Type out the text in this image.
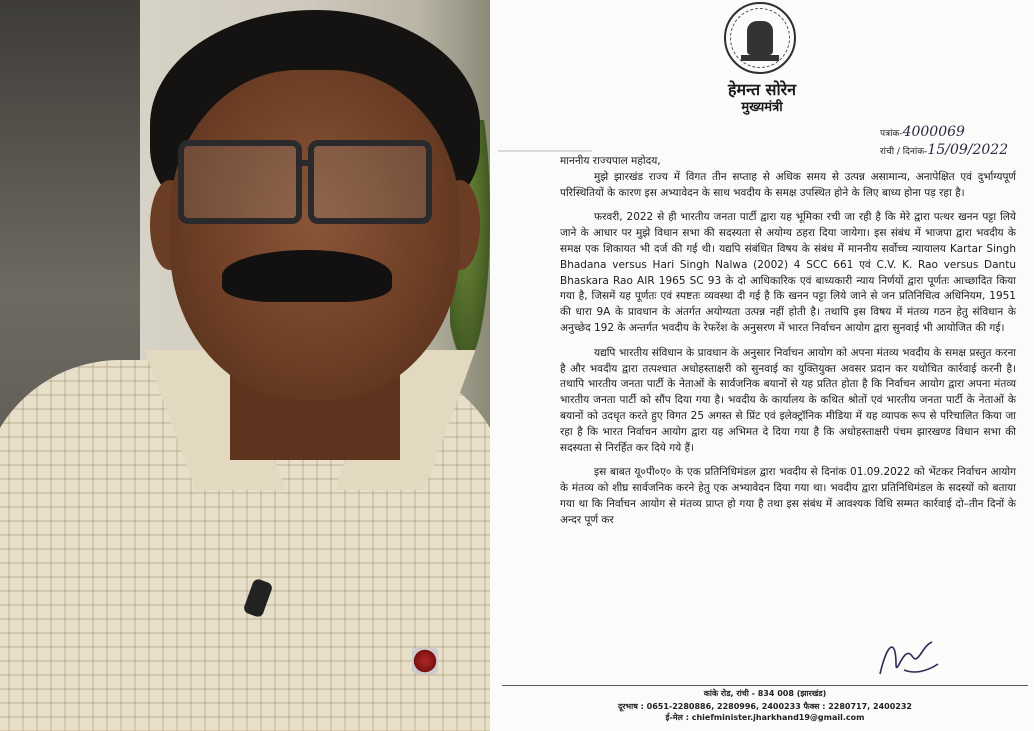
हेमन्त सोरेन
मुख्यमंत्री
पत्रांक-4000069
रांची / दिनांक-15/09/2022

माननीय राज्यपाल महोदय,

मुझे झारखंड राज्य में विगत तीन सप्ताह से अधिक समय से उत्पन्न असामान्य, अनापेक्षित एवं दुर्भाग्यपूर्ण परिस्थितियों के कारण इस अभ्यावेदन के साथ भवदीय के समक्ष उपस्थित होने के लिए बाध्य होना पड़ रहा है।

फरवरी, 2022 से ही भारतीय जनता पार्टी द्वारा यह भूमिका रची जा रही है कि मेरे द्वारा पत्थर खनन पट्टा लिये जाने के आधार पर मुझे विधान सभा की सदस्यता से अयोग्य ठहरा दिया जायेगा। इस संबंध में भाजपा द्वारा भवदीय के समक्ष एक शिकायत भी दर्ज की गई थी। यद्यपि संबंधित विषय के संबंध में माननीय सर्वोच्च न्यायालय Kartar Singh Bhadana versus Hari Singh Nalwa (2002) 4 SCC 661 एवं C.V. K. Rao versus Dantu Bhaskara Rao AIR 1965 SC 93 के दो आधिकारिक एवं बाध्यकारी न्याय निर्णयों द्वारा पूर्णतः आच्छादित किया गया है, जिसमें यह पूर्णतः एवं स्पष्टतः व्यवस्था दी गई है कि खनन पट्टा लिये जाने से जन प्रतिनिधित्व अधिनियम, 1951 की धारा 9A के प्रावधान के अंतर्गत अयोग्यता उत्पन्न नहीं होती है। तथापि इस विषय में मंतव्य गठन हेतु संविधान के अनुच्छेद 192 के अन्तर्गत भवदीय के रेफरेंश के अनुसरण में भारत निर्वाचन आयोग द्वारा सुनवाई भी आयोजित की गई।

यद्यपि भारतीय संविधान के प्रावधान के अनुसार निर्वाचन आयोग को अपना मंतव्य भवदीय के समक्ष प्रस्तुत करना है और भवदीय द्वारा तत्पश्चात अधोहस्ताक्षरी को सुनवाई का युक्तियुक्त अवसर प्रदान कर यथोचित कार्रवाई करनी है। तथापि भारतीय जनता पार्टी के नेताओं के सार्वजनिक बयानों से यह प्रतित होता है कि निर्वाचन आयोग द्वारा अपना मंतव्य भारतीय जनता पार्टी को सौंप दिया गया है। भवदीय के कार्यालय के कथित श्रोतों एवं भारतीय जनता पार्टी के नेताओं के बयानों को उदधृत करते हुए विगत 25 अगस्त से प्रिंट एवं इलेक्ट्रॉनिक मीडिया में यह व्यापक रूप से परिचालित किया जा रहा है कि भारत निर्वाचन आयोग द्वारा यह अभिमत दे दिया गया है कि अधोहस्ताक्षरी पंचम झारखण्ड विधान सभा की सदस्यता से निरर्हित कर दिये गये हैं।

इस बाबत यू०पी०ए० के एक प्रतिनिधिमंडल द्वारा भवदीय से दिनांक 01.09.2022 को भेंटकर निर्वाचन आयोग के मंतव्य को शीघ्र सार्वजनिक करने हेतु एक अभ्यावेदन दिया गया था। भवदीय द्वारा प्रतिनिधिमंडल के सदस्यों को बताया गया था कि निर्वाचन आयोग से मंतव्य प्राप्त हो गया है तथा इस संबंध में आवश्यक विधि सम्मत कार्रवाई दो–तीन दिनों के अन्दर पूर्ण कर

कांके रोड, रांची - 834 008 (झारखंड)
दूरभाष : 0651-2280886, 2280996, 2400233 फैक्स : 2280717, 2400232
ई-मेल : chiefminister.jharkhand19@gmail.com
